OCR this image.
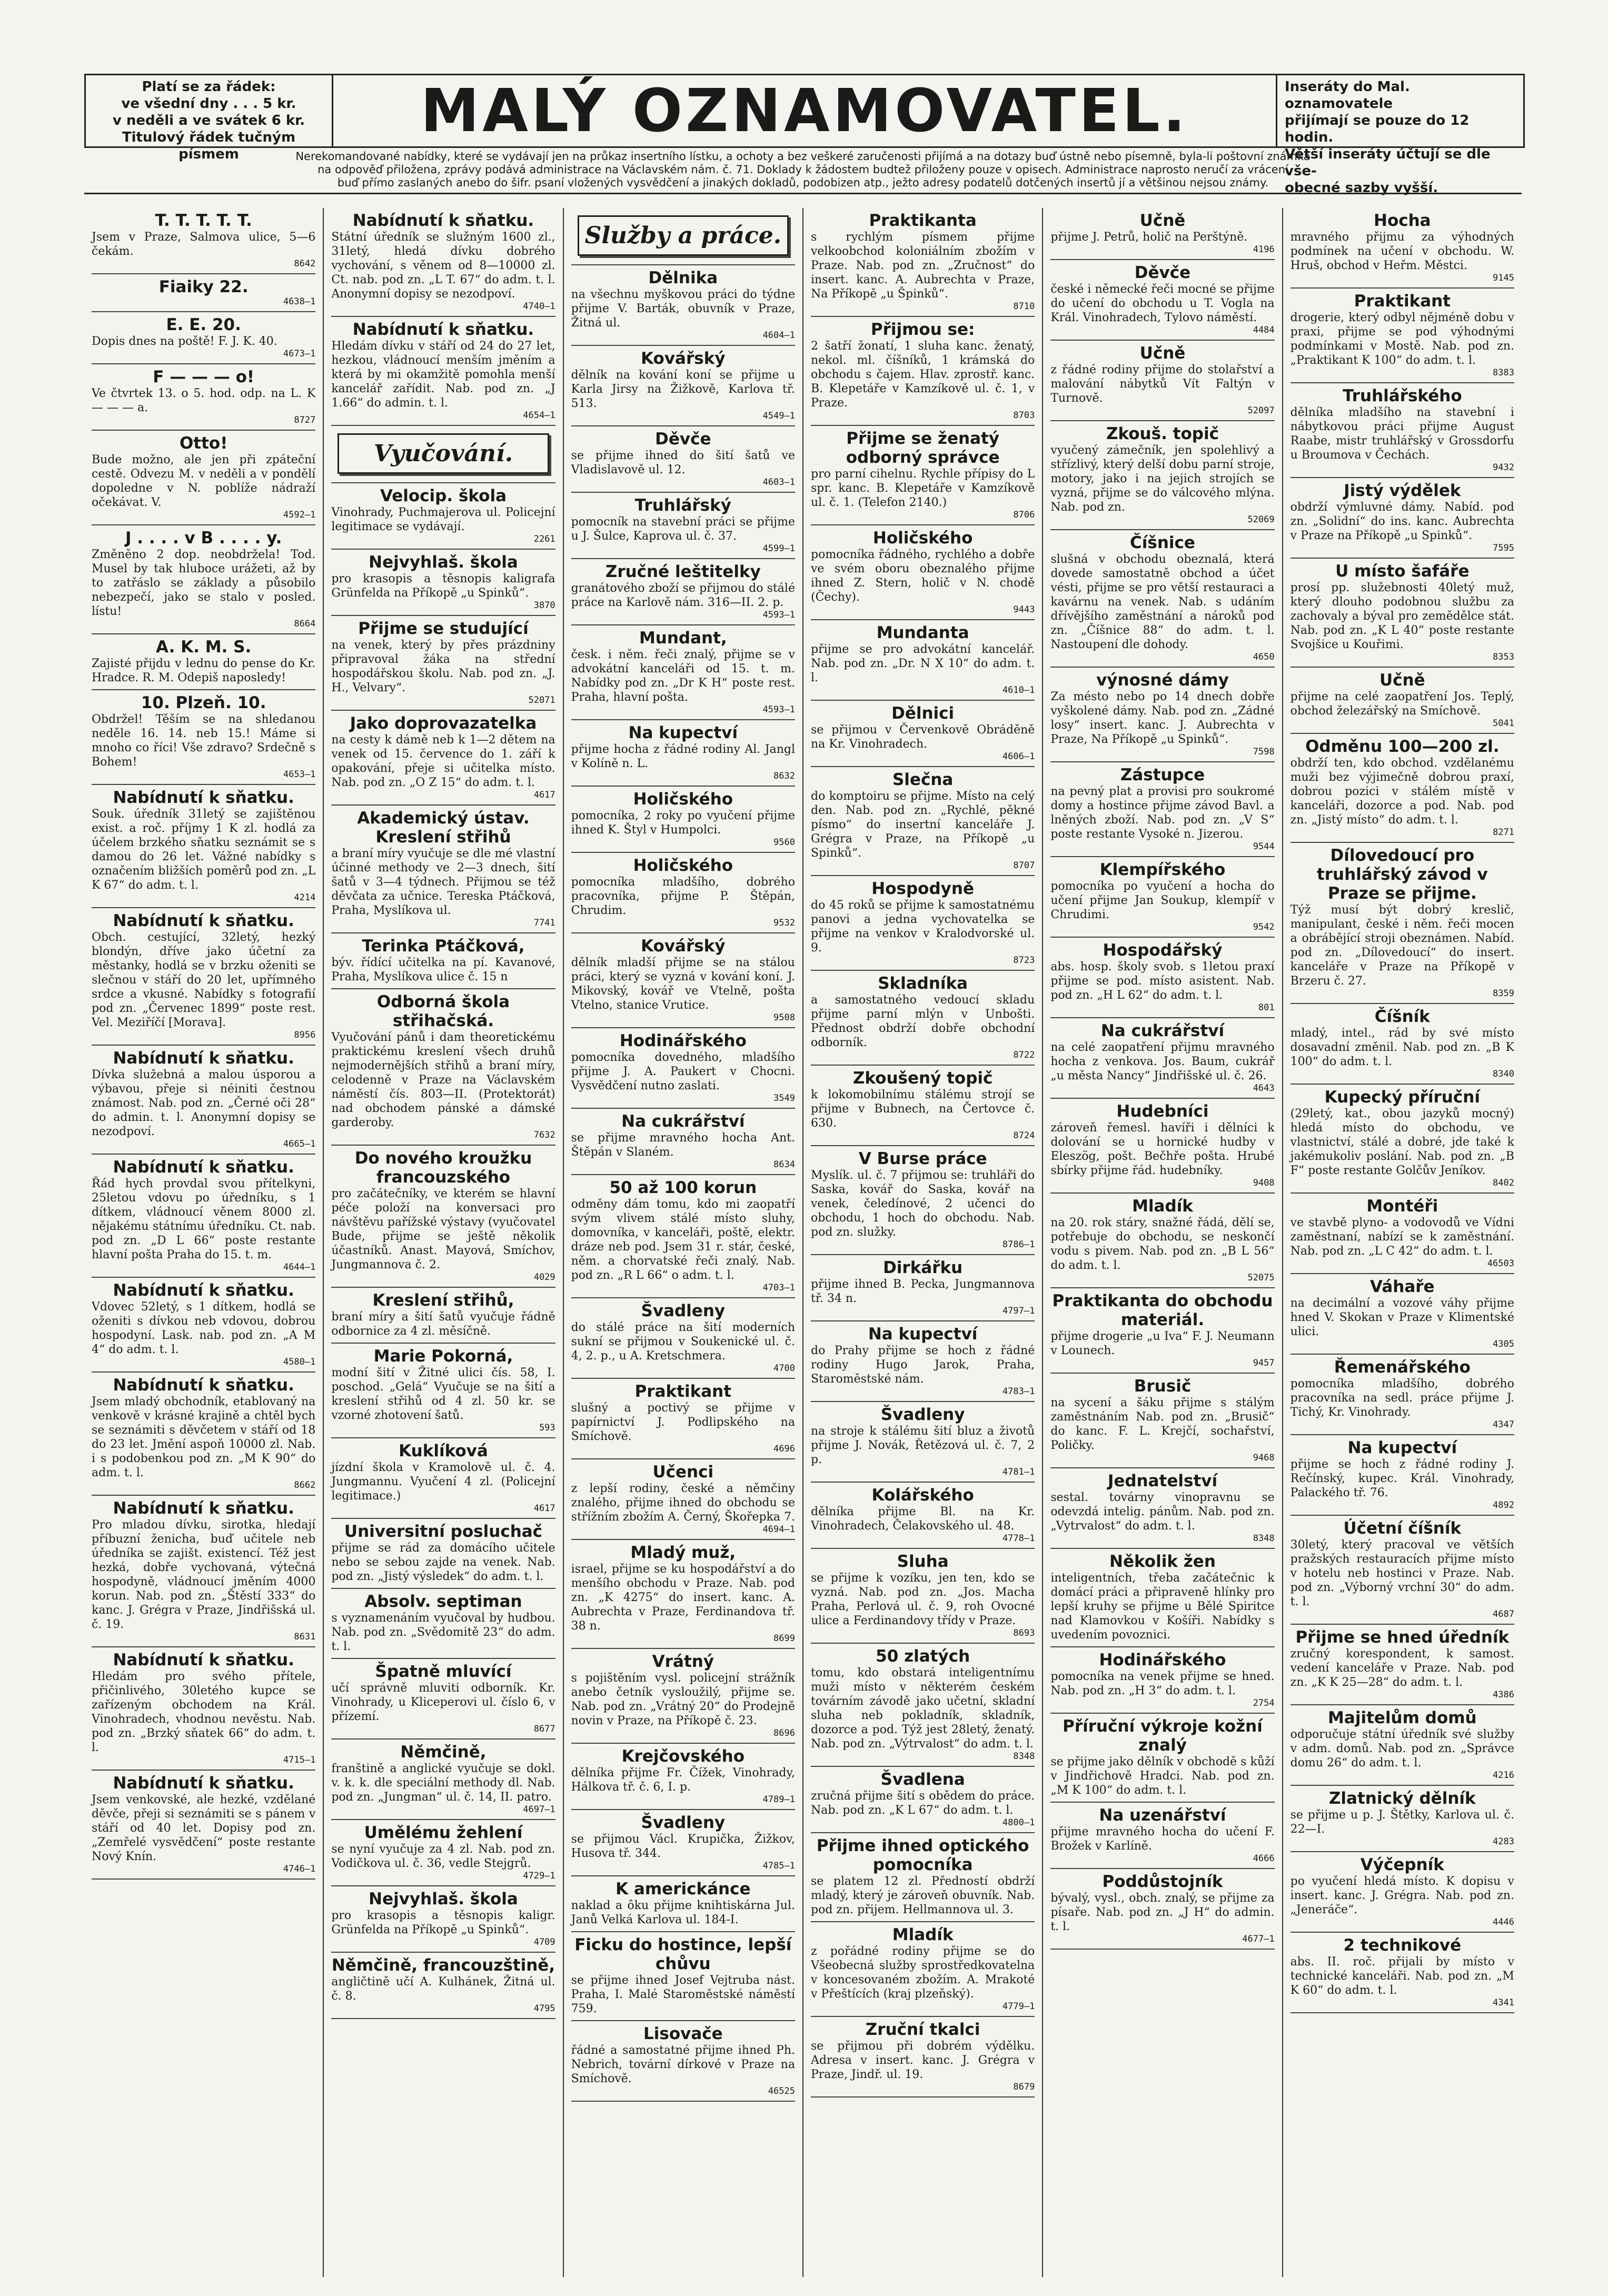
Platí se za řádek:
ve všední dny . . . 5 kr.
v neděli a ve svátek 6 kr.
Titulový řádek tučným písmem
MALÝ OZNAMOVATEL.	Inseráty do Mal. oznamovatele
přijímají se pouze do 12 hodin.
Větší inseráty účtují se dle vše-
obecné sazby vyšší.
Nerekomandované nabídky, které se vydávají jen na průkaz insertního lístku, a ochoty a bez veškeré zaručenosti přijímá a na dotazy buď ústně nebo písemně, byla-li poštovní známka
na odpověď přiložena, zprávy podává administrace na Václavském nám. č. 71. Doklady k žádostem budtež přiloženy pouze v opisech. Administrace naprosto neručí za vrácení
buď přímo zaslaných anebo do šifr. psaní vložených vysvědčení a jinakých dokladů, podobizen atp., ježto adresy podatelů dotčených insertů jí a většinou nejsou známy.
T. T. T. T. T.
Jsem v Praze, Salmova ulice, 5—6 čekám.
8642
Fiaiky 22.
4638—1
E. E. 20.
Dopis dnes na poště! F. J. K. 40.
4673—1
F — — — o!
Ve čtvrtek 13. o 5. hod. odp. na L. K — — — a.
8727
Otto!
Bude možno, ale jen při zpáteční cestě. Odvezu M. v neděli a v pondělí dopoledne v N. poblíže nádraží očekávat. V.
4592—1
J . . . . v B . . . . y.
Změněno 2 dop. neobdržela! Tod. Musel by tak hluboce urážeti, až by to zatřáslo se základy a působilo nebezpečí, jako se stalo v posled. lístu!
8664
A. K. M. S.
Zajisté přijdu v lednu do pense do Kr. Hradce. R. M. Odepiš naposledy!
10. Plzeň. 10.
Obdržel! Těším se na shledanou neděle 16. 14. neb 15.! Máme si mnoho co říci! Vše zdravo? Srdečně s Bohem!
4653—1
Nabídnutí k sňatku.
Souk. úředník 31letý se zajištěnou exist. a roč. příjmy 1 K zl. hodlá za účelem brzkého sňatku seznámit se s damou do 26 let. Vážné nabídky s označením bližších poměrů pod zn. „L K 67“ do adm. t. l.
4214
Nabídnutí k sňatku.
Obch. cestující, 32letý, hezký blondýn, dříve jako účetní za městanky, hodlá se v brzku oženiti se slečnou v stáří do 20 let, upřímného srdce a vkusné. Nabídky s fotografií pod zn. „Červenec 1899“ poste rest. Vel. Meziříčí [Morava].
8956
Nabídnutí k sňatku.
Dívka služebná a malou úsporou a výbavou, přeje si néiniti čestnou známost. Nab. pod zn. „Černé oči 28“ do admin. t. l. Anonymní dopisy se nezodpoví.
4665—1
Nabídnutí k sňatku.
Řád hych provdal svou přítelkyni, 25letou vdovu po úředníku, s 1 dítkem, vládnoucí věnem 8000 zl. nějakému státnímu úředníku. Ct. nab. pod zn. „D L 66“ poste restante hlavní pošta Praha do 15. t. m.
4644—1
Nabídnutí k sňatku.
Vdovec 52letý, s 1 dítkem, hodlá se oženiti s dívkou neb vdovou, dobrou hospodyní. Lask. nab. pod zn. „A M 4“ do adm. t. l.
4580—1
Nabídnutí k sňatku.
Jsem mladý obchodník, etablovaný na venkově v krásné krajině a chtěl bych se seznámiti s děvčetem v stáří od 18 do 23 let. Jmění aspoň 10000 zl. Nab. i s podobenkou pod zn. „M K 90“ do adm. t. l.
8662
Nabídnutí k sňatku.
Pro mladou dívku, sirotka, hledají příbuzní ženicha, buď učitele neb úředníka se zajišt. existencí. Též jest hezká, dobře vychovaná, výtečná hospodyně, vládnoucí jměním 4000 korun. Nab. pod zn. „Štěstí 333“ do kanc. J. Grégra v Praze, Jindřišská ul. č. 19.
8631
Nabídnutí k sňatku.
Hledám pro svého přítele, přičinlivého, 30letého kupce se zařízeným obchodem na Král. Vinohradech, vhodnou nevěstu. Nab. pod zn. „Brzký sňatek 66“ do adm. t. l.
4715—1
Nabídnutí k sňatku.
Jsem venkovské, ale hezké, vzdělané děvče, přeji si seznámiti se s pánem v stáří od 40 let. Dopisy pod zn. „Zemřelé vysvědčení“ poste restante Nový Knín.
4746—1
Nabídnutí k sňatku.
Státní úředník se služným 1600 zl., 31letý, hledá dívku dobrého vychování, s věnem od 8—10000 zl. Ct. nab. pod zn. „L T. 67“ do adm. t. l. Anonymní dopisy se nezodpoví.
4740—1
Nabídnutí k sňatku.
Hledám dívku v stáří od 24 do 27 let, hezkou, vládnoucí menším jměním a která by mi okamžitě pomohla menší kancelář zařídit. Nab. pod zn. „J 1.66“ do admin. t. l.
4654—1
Vyučování.
Velocip. škola
Vinohrady, Puchmajerova ul. Policejní legitimace se vydávají.
2261
Nejvyhlaš. škola
pro krasopis a těsnopis kaligrafa Grünfelda na Příkopě „u Spinků“.
3870
Přijme se studující
na venek, který by přes prázdniny připravoval žáka na střední hospodářskou školu. Nab. pod zn. „J. H., Velvary“.
52071
Jako doprovazatelka
na cesty k dámě neb k 1—2 dětem na venek od 15. července do 1. září k opakování, přeje si učitelka místo. Nab. pod zn. „O Z 15“ do adm. t. l.
4617
Akademický ústav. Kreslení střihů
a braní míry vyučuje se dle mé vlastní účinné methody ve 2—3 dnech, šití šatů v 3—4 týdnech. Přijmou se též děvčata za učnice. Tereska Ptáčková, Praha, Myslíkova ul.
7741
Terinka Ptáčková,
býv. řídící učitelka na pí. Kavanové, Praha, Myslíkova ulice č. 15 n
Odborná škola střihačská.
Vyučování pánů i dam theoretickému praktickému kreslení všech druhů nejmodernějších střihů a braní míry, celodenně v Praze na Václavském náměstí čís. 803—II. (Protektorát) nad obchodem pánské a dámské garderoby.
7632
Do nového kroužku francouzského
pro začátečníky, ve kterém se hlavní péče položí na konversaci pro návštěvu pařížské výstavy (vyučovatel Bude, přijme se ještě několik účastníků. Anast. Mayová, Smíchov, Jungmannova č. 2.
4029
Kreslení střihů,
braní míry a šití šatů vyučuje řádně odbornice za 4 zl. měsíčně.
Marie Pokorná,
modní šití v Žitné ulici čís. 58, I. poschod. „Gelá“ Vyučuje se na šití a kreslení střihů od 4 zl. 50 kr. se vzorné zhotovení šatů.
593
Kuklíková
jízdní škola v Kramolově ul. č. 4. Jungmannu. Vyučení 4 zl. (Policejní legitimace.)
4617
Universitní posluchač
přijme se rád za domácího učitele nebo se sebou zajde na venek. Nab. pod zn. „Jistý výsledek“ do adm. t. l.
Absolv. septiman
s vyznamenáním vyučoval by hudbou. Nab. pod zn. „Svědomitě 23“ do adm. t. l.
Špatně mluvící
učí správně mluviti odborník. Kr. Vinohrady, u Kliceperovi ul. číslo 6, v přízemí.
8677
Němčině,
franštině a anglické vyučuje se dokl. v. k. k. dle speciální methody dl. Nab. pod zn. „Jungman“ ul. č. 14, II. patro.
4697—1
Umělému žehlení
se nyní vyučuje za 4 zl. Nab. pod zn. Vodičkova ul. č. 36, vedle Stejgrů.
4729—1
Nejvyhlaš. škola
pro krasopis a těsnopis kaligr. Grünfelda na Příkopě „u Spinků“.
4709
Němčině, francouzštině,
angličtině učí A. Kulhánek, Žitná ul. č. 8.
4795
Služby a práce.
Dělnika
na všechnu myškovou práci do týdne přijme V. Barták, obuvník v Praze, Žitná ul.
4604—1
Kovářský
dělník na kování koní se přijme u Karla Jirsy na Žižkově, Karlova tř. 513.
4549—1
Děvče
se přijme ihned do šití šatů ve Vladislavově ul. 12.
4603—1
Truhlářský
pomocník na stavební práci se přijme u J. Šulce, Kaprova ul. č. 37.
4599—1
Zručné leštitelky
granátového zboží se přijmou do stálé práce na Karlově nám. 316—II. 2. p.
4593—1
Mundant,
česk. i něm. řeči znalý, přijme se v advokátní kanceláři od 15. t. m. Nabídky pod zn. „Dr K H“ poste rest. Praha, hlavní pošta.
4593—1
Na kupectví
přijme hocha z řádné rodiny Al. Jangl v Kolíně n. L.
8632
Holičského
pomocníka, 2 roky po vyučení přijme ihned K. Štyl v Humpolci.
9560
Holičského
pomocníka mladšího, dobrého pracovníka, přijme P. Štěpán, Chrudim.
9532
Kovářský
dělník mladší přijme se na stálou práci, který se vyzná v kování koní. J. Mikovský, kovář ve Vtelně, pošta Vtelno, stanice Vrutice.
9508
Hodinářského
pomocníka dovedného, mladšího přijme J. A. Paukert v Chocni. Vysvědčení nutno zaslati.
3549
Na cukrářství
se přijme mravného hocha Ant. Štěpán v Slaném.
8634
50 až 100 korun
odměny dám tomu, kdo mi zaopatří svým vlivem stálé místo sluhy, domovníka, v kanceláři, poště, elektr. dráze neb pod. Jsem 31 r. stár, české, něm. a chorvatské řeči znalý. Nab. pod zn. „R L 66“ o adm. t. l.
4703—1
Švadleny
do stálé práce na šití moderních sukní se přijmou v Soukenické ul. č. 4, 2. p., u A. Kretschmera.
4700
Praktikant
slušný a poctivý se přijme v papírnictví J. Podlipského na Smíchově.
4696
Učenci
z lepší rodiny, české a němčiny znalého, přijme ihned do obchodu se střížním zbožím A. Černý, Škořepka 7.
4694—1
Mladý muž,
israel, přijme se ku hospodářství a do menšího obchodu v Praze. Nab. pod zn. „K 4275“ do insert. kanc. A. Aubrechta v Praze, Ferdinandova tř. 38 n.
8699
Vrátný
s pojištěním vysl. policejní strážník anebo četník vysloužilý, přijme se. Nab. pod zn. „Vrátný 20“ do Prodejně novin v Praze, na Příkopě č. 23.
8696
Krejčovského
dělníka přijme Fr. Čížek, Vinohrady, Hálkova tř. č. 6, I. p.
4789—1
Švadleny
se přijmou Václ. Krupička, Žižkov, Husova tř. 344.
4785—1
K americkánce
naklad a ôku přijme knihtiskárna Jul. Janů Velká Karlova ul. 184-I.
Ficku do hostince, lepší chůvu
se přijme ihned Josef Vejtruba nást. Praha, I. Malé Staroměstské náměstí 759.
Lisovače
řádné a samostatné přijme ihned Ph. Nebrich, tovární dírkové v Praze na Smíchově.
46525
Praktikanta
s rychlým písmem přijme velkoobchod koloniálním zbožím v Praze. Nab. pod zn. „Zručnost“ do insert. kanc. A. Aubrechta v Praze, Na Příkopě „u Špinků“.
8710
Přijmou se:
2 šatří žonatí, 1 sluha kanc. ženatý, nekol. ml. číšníků, 1 krámská do obchodu s čajem. Hlav. zprostř. kanc. B. Klepetáře v Kamzíkově ul. č. 1, v Praze.
8703
Přijme se ženatý odborný správce
pro parní cihelnu. Rychle přípisy do L spr. kanc. B. Klepetáře v Kamzíkově ul. č. 1. (Telefon 2140.)
8706
Holičského
pomocníka řádného, rychlého a dobře ve svém oboru obeznalého přijme ihned Z. Stern, holič v N. chodě (Čechy).
9443
Mundanta
přijme se pro advokátní kancelář. Nab. pod zn. „Dr. N X 10“ do adm. t. l.
4610—1
Dělnici
se přijmou v Červenkově Obráděně na Kr. Vinohradech.
4606—1
Slečna
do komptoiru se přijme. Místo na celý den. Nab. pod zn. „Rychlé, pěkné písmo“ do insertní kanceláře J. Grégra v Praze, na Příkopě „u Spinků“.
8707
Hospodyně
do 45 roků se přijme k samostatnému panovi a jedna vychovatelka se přijme na venkov v Kralodvorské ul. 9.
8723
Skladníka
a samostatného vedoucí skladu přijme parní mlýn v Unbošti. Přednost obdrží dobře obchodní odborník.
8722
Zkoušený topič
k lokomobilnímu stálému strojí se přijme v Bubnech, na Čertovce č. 630.
8724
V Burse práce
Myslík. ul. č. 7 přijmou se: truhláři do Saska, kovář do Saska, kovář na venek, čeledínové, 2 učenci do obchodu, 1 hoch do obchodu. Nab. pod zn. služky.
8786—1
Dirkářku
přijme ihned B. Pecka, Jungmannova tř. 34 n.
4797—1
Na kupectví
do Prahy přijme se hoch z řádné rodiny Hugo Jarok, Praha, Staroměstské nám.
4783—1
Švadleny
na stroje k stálému šití bluz a životů přijme J. Novák, Řetězová ul. č. 7, 2 p.
4781—1
Kolářského
dělníka přijme Bl. na Kr. Vinohradech, Čelakovského ul. 48.
4778—1
Sluha
se přijme k vozíku, jen ten, kdo se vyzná. Nab. pod zn. „Jos. Macha Praha, Perlová ul. č. 9, roh Ovocné ulice a Ferdinandovy třídy v Praze.
8693
50 zlatých
tomu, kdo obstará inteligentnímu muži místo v některém českém továrním závodě jako učetní, skladní sluha neb pokladník, skladník, dozorce a pod. Týž jest 28letý, ženatý. Nab. pod zn. „Výtrvalost“ do adm. t. l.
8348
Švadlena
zručná přijme šití s obědem do práce. Nab. pod zn. „K L 67“ do adm. t. l.
4800—1
Přijme ihned optického pomocníka
se platem 12 zl. Předností obdrží mladý, který je zároveň obuvník. Nab. pod zn. přijem. Hellmannova ul. 3.
Mladík
z pořádné rodiny přijme se do Všeobecná služby sprostředkovatelna v koncesovaném zbožím. A. Mrakoté v Přeštících (kraj plzeňský).
4779—1
Zruční tkalci
se přijmou při dobrém výdělku. Adresa v insert. kanc. J. Grégra v Praze, Jindř. ul. 19.
8679
Učně
přijme J. Petrů, holič na Perštýně.
4196
Děvče
české i německé řeči mocné se přijme do učení do obchodu u T. Vogla na Král. Vinohradech, Tylovo náměstí.
4484
Učně
z řádné rodiny přijme do stolařství a malování nábytků Vít Faltýn v Turnově.
52097
Zkouš. topič
vyučený zámečník, jen spolehlivý a střízlivý, který delší dobu parní stroje, motory, jako i na jejich strojích se vyzná, přijme se do válcového mlýna. Nab. pod zn.
52069
Číšnice
slušná v obchodu obeznalá, která dovede samostatně obchod a účet vésti, přijme se pro větší restauraci a kavárnu na venek. Nab. s udáním dřívějšího zaměstnání a nároků pod zn. „Číšnice 88“ do adm. t. l. Nastoupení dle dohody.
4650
výnosné dámy
Za mésto nebo po 14 dnech dobře vyškolené dámy. Nab. pod zn. „Zádné losy“ insert. kanc. J. Aubrechta v Praze, Na Příkopě „u Spinků“.
7598
Zástupce
na pevný plat a provisi pro soukromé domy a hostince přijme závod Bavl. a lněných zboží. Nab. pod zn. „V S“ poste restante Vysoké n. Jizerou.
9544
Klempířského
pomocníka po vyučení a hocha do učení přijme Jan Soukup, klempíř v Chrudimi.
9542
Hospodářský
abs. hosp. školy svob. s 1letou praxí přijme se pod. místo asistent. Nab. pod zn. „H L 62“ do adm. t. l.
801
Na cukrářství
na celé zaopatření přijmu mravného hocha z venkova. Jos. Baum, cukrář „u města Nancy“ Jindřišské ul. č. 26.
4643
Hudebníci
zároveň řemesl. havíři i dělníci k dolování se u hornické hudby v Eleszög, pošt. Bečhře pošta. Hrubé sbírky přijme řád. hudebníky.
9408
Mladík
na 20. rok stáry, snažné řádá, dělí se, potřebuje do obchodu, se neskončí vodu s pivem. Nab. pod zn. „B L 56“ do adm. t. l.
52075
Praktikanta do obchodu materiál.
přijme drogerie „u Iva“ F. J. Neumann v Lounech.
9457
Brusič
na sycení a šáku přijme s stálým zaměstnáním Nab. pod zn. „Brusič“ do kanc. F. L. Krejčí, sochařství, Poličky.
9468
Jednatelství
sestal. továrny vinopravnu se odevzdá intelig. pánům. Nab. pod zn. „Vytrvalost“ do adm. t. l.
8348
Několik žen
inteligentních, třeba začátečnic k domácí práci a připraveně hlínky pro lepší kruhy se přijme u Bělé Spiritce nad Klamovkou v Košíři. Nabídky s uvedením povoznici.
Hodinářského
pomocníka na venek přijme se hned. Nab. pod zn. „H 3“ do adm. t. l.
2754
Příruční výkroje kožní znalý
se přijme jako dělník v obchodě s kůží v Jindřichově Hradci. Nab. pod zn. „M K 100“ do adm. t. l.
Na uzenářství
přijme mravného hocha do učení F. Brožek v Karlíně.
4666
Poddůstojník
bývalý, vysl., obch. znalý, se přijme za písaře. Nab. pod zn. „J H“ do admin. t. l.
4677—1
Hocha
mravného přijmu za výhodných podmínek na učení v obchodu. W. Hruš, obchod v Heřm. Městci.
9145
Praktikant
drogerie, který odbyl nějméně dobu v praxi, přijme se pod výhodnými podmínkami v Mostě. Nab. pod zn. „Praktikant K 100“ do adm. t. l.
8383
Truhlářského
dělníka mladšího na stavební i nábytkovou práci přijme August Raabe, mistr truhlářský v Grossdorfu u Broumova v Čechách.
9432
Jistý výdělek
obdrží výmluvné dámy. Nabíd. pod zn. „Solidní“ do ins. kanc. Aubrechta v Praze na Příkopě „u Spinků“.
7595
U místo šafáře
prosí pp. služebnosti 40letý muž, který dlouho podobnou službu za zachovaly a býval pro zemědělce stát. Nab. pod zn. „K L 40“ poste restante Svojšice u Kouřimi.
8353
Učně
přijme na celé zaopatření Jos. Teplý, obchod železářský na Smíchově.
5041
Odměnu 100—200 zl.
obdrží ten, kdo obchod. vzdělanému muži bez výjimečně dobrou praxí, dobrou pozici v stálém místě v kanceláři, dozorce a pod. Nab. pod zn. „Jistý místo“ do adm. t. l.
8271
Dílovedoucí pro truhlářský závod v Praze se přijme.
Týž musí být dobrý kreslič, manipulant, české i něm. řeči mocen a obrábějící stroji obeznámen. Nabíd. pod zn. „Dílovedoucí“ do insert. kanceláře v Praze na Příkopě v Brzeru č. 27.
8359
Číšník
mladý, intel., rád by své místo dosavadní změnil. Nab. pod zn. „B K 100“ do adm. t. l.
8340
Kupecký příruční
(29letý, kat., obou jazyků mocný) hledá místo do obchodu, ve vlastnictví, stálé a dobré, jde také k jakémukoliv poslání. Nab. pod zn. „B F“ poste restante Golčův Jeníkov.
8402
Montéři
ve stavbě plyno- a vodovodů ve Vídni zaměstnaní, nabízí se k zaměstnání. Nab. pod zn. „L C 42“ do adm. t. l.
46503
Váhaře
na decimální a vozové váhy přijme hned V. Skokan v Praze v Klimentské ulici.
4305
Řemenářského
pomocníka mladšího, dobrého pracovníka na sedl. práce přijme J. Tichý, Kr. Vinohrady.
4347
Na kupectví
přijme se hoch z řádné rodiny J. Rečínský, kupec. Král. Vinohrady, Palackého tř. 76.
4892
Účetní číšník
30letý, který pracoval ve větších pražských restauracích přijme místo v hotelu neb hostinci v Praze. Nab. pod zn. „Výborný vrchní 30“ do adm. t. l.
4687
Přijme se hned úředník
zručný korespondent, k samost. vedení kanceláře v Praze. Nab. pod zn. „K K 25—28“ do adm. t. l.
4386
Majitelům domů
odporučuje státní úředník své služby v adm. domů. Nab. pod zn. „Správce domu 26“ do adm. t. l.
4216
Zlatnický dělník
se přijme u p. J. Štětky, Karlova ul. č. 22—I.
4283
Výčepník
po vyučení hledá místo. K dopisu v insert. kanc. J. Grégra. Nab. pod zn. „Jeneráče“.
4446
2 technikové
abs. II. roč. přijali by místo v technické kanceláři. Nab. pod zn. „M K 60“ do adm. t. l.
4341
